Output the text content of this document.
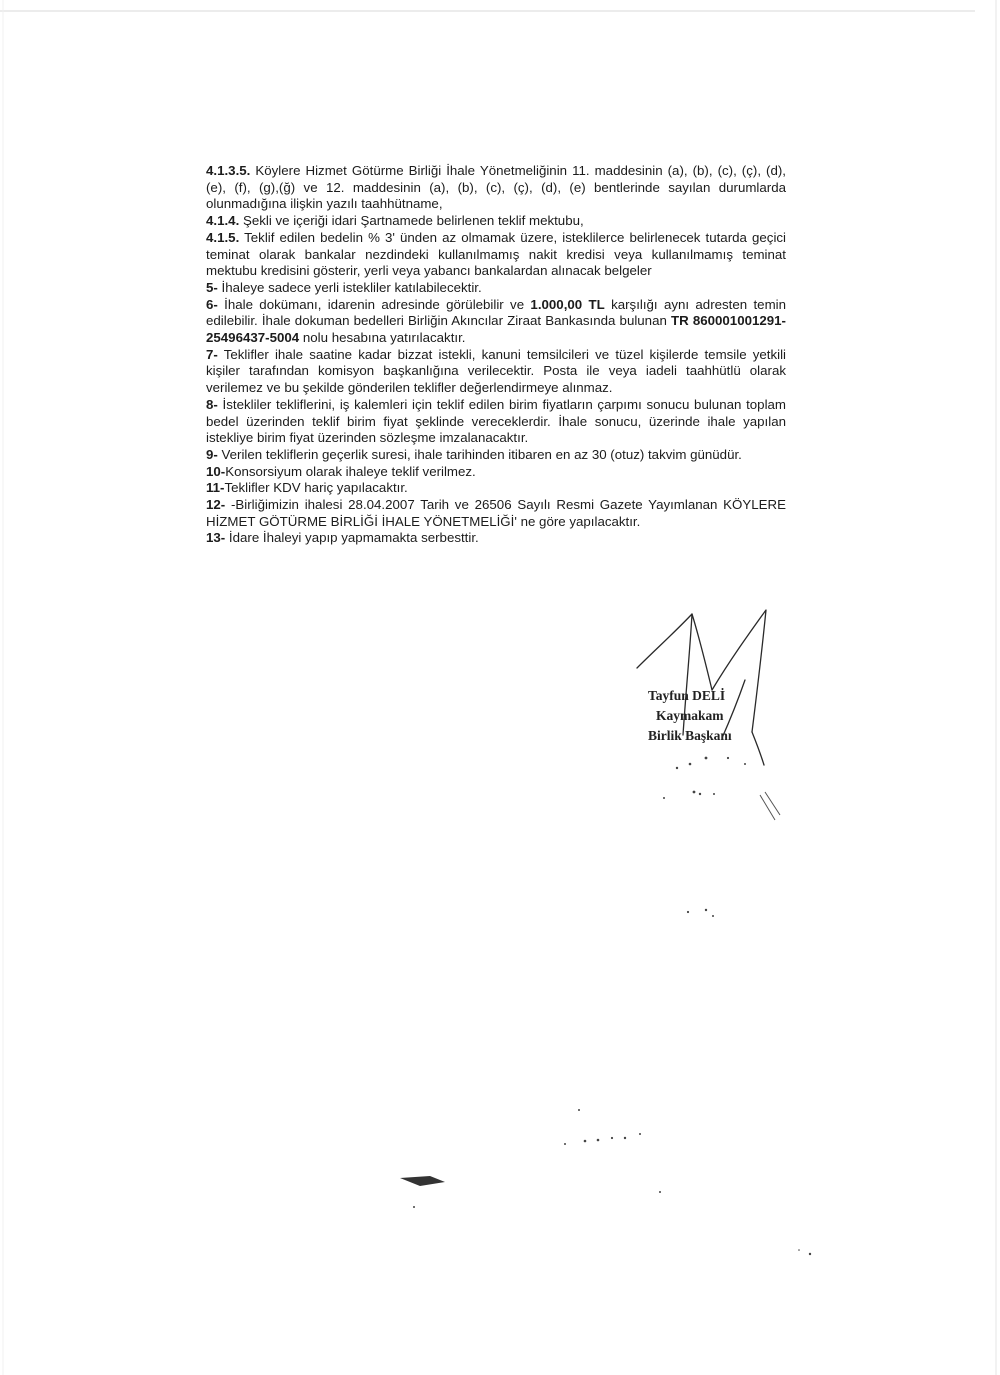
4.1.3.5. Köylere Hizmet Götürme Birliği İhale Yönetmeliğinin 11. maddesinin (a), (b), (c), (ç), (d), (e), (f), (g),(ğ) ve 12. maddesinin (a), (b), (c), (ç), (d), (e) bentlerinde sayılan durumlarda olunmadığına ilişkin yazılı taahhütname,

4.1.4. Şekli ve içeriği idari Şartnamede belirlenen teklif mektubu,

4.1.5. Teklif edilen bedelin % 3' ünden az olmamak üzere, isteklilerce belirlenecek tutarda geçici teminat olarak bankalar nezdindeki kullanılmamış nakit kredisi veya kullanılmamış teminat mektubu kredisini gösterir, yerli veya yabancı bankalardan alınacak belgeler

5- İhaleye sadece yerli istekliler katılabilecektir.

6- İhale dokümanı, idarenin adresinde görülebilir ve 1.000,00 TL karşılığı aynı adresten temin edilebilir. İhale dokuman bedelleri Birliğin Akıncılar Ziraat Bankasında bulunan TR 860001001291-25496437-5004 nolu hesabına yatırılacaktır.

7- Teklifler ihale saatine kadar bizzat istekli, kanuni temsilcileri ve tüzel kişilerde temsile yetkili kişiler tarafından komisyon başkanlığına verilecektir. Posta ile veya iadeli taahhütlü olarak verilemez ve bu şekilde gönderilen teklifler değerlendirmeye alınmaz.

8- İstekliler tekliflerini, iş kalemleri için teklif edilen birim fiyatların çarpımı sonucu bulunan toplam bedel üzerinden teklif birim fiyat şeklinde vereceklerdir. İhale sonucu, üzerinde ihale yapılan istekliye birim fiyat üzerinden sözleşme imzalanacaktır.

9- Verilen tekliflerin geçerlik suresi, ihale tarihinden itibaren en az 30 (otuz) takvim günüdür.

10-Konsorsiyum olarak ihaleye teklif verilmez.

11-Teklifler KDV hariç yapılacaktır.

12- -Birliğimizin ihalesi 28.04.2007 Tarih ve 26506 Sayılı Resmi Gazete Yayımlanan KÖYLERE HİZMET GÖTÜRME BİRLİĞİ İHALE YÖNETMELİĞİ' ne göre yapılacaktır.

13- İdare İhaleyi yapıp yapmamakta serbesttir.

Tayfun DELİ
Kaymakam
Birlik Başkanı
